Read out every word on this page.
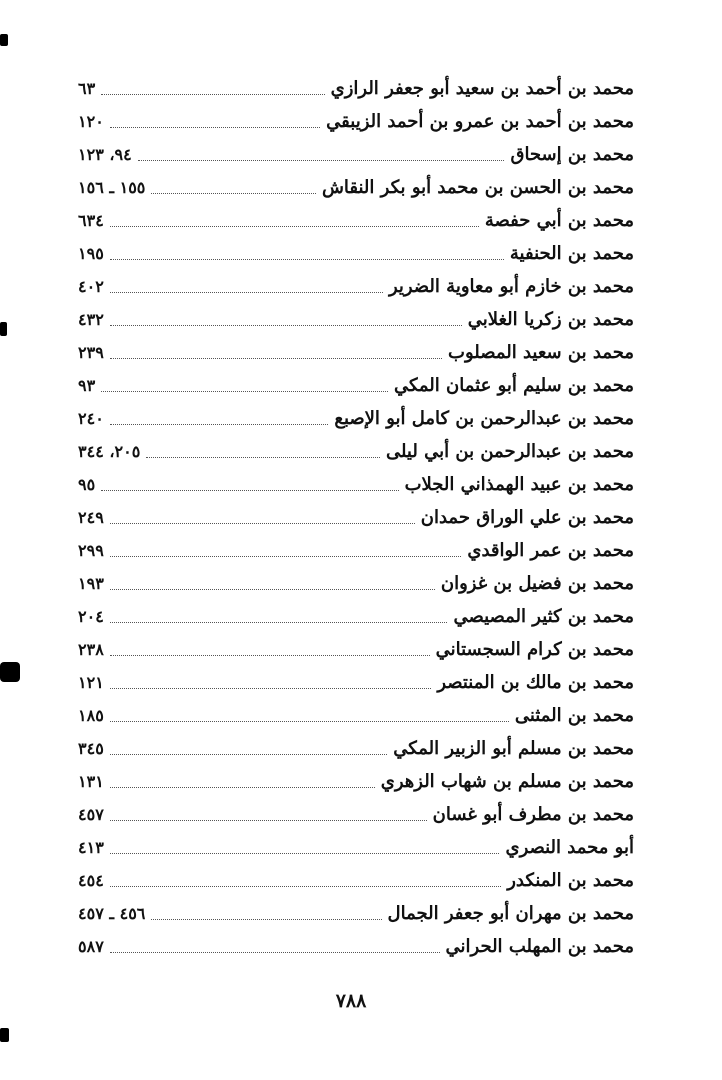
محمد بن أحمد بن سعيد أبو جعفر الرازي
٦٣
محمد بن أحمد بن عمرو بن أحمد الزيبقي
١٢٠
محمد بن إسحاق
٩٤، ١٢٣
محمد بن الحسن بن محمد أبو بكر النقاش
١٥٥ ـ ١٥٦
محمد بن أبي حفصة
٦٣٤
محمد بن الحنفية
١٩٥
محمد بن خازم أبو معاوية الضرير
٤٠٢
محمد بن زكريا الغلابي
٤٣٢
محمد بن سعيد المصلوب
٢٣٩
محمد بن سليم أبو عثمان المكي
٩٣
محمد بن عبدالرحمن بن كامل أبو الإصبع
٢٤٠
محمد بن عبدالرحمن بن أبي ليلى
٢٠٥، ٣٤٤
محمد بن عبيد الهمذاني الجلاب
٩٥
محمد بن علي الوراق حمدان
٢٤٩
محمد بن عمر الواقدي
٢٩٩
محمد بن فضيل بن غزوان
١٩٣
محمد بن كثير المصيصي
٢٠٤
محمد بن كرام السجستاني
٢٣٨
محمد بن مالك بن المنتصر
١٢١
محمد بن المثنى
١٨٥
محمد بن مسلم أبو الزبير المكي
٣٤٥
محمد بن مسلم بن شهاب الزهري
١٣١
محمد بن مطرف أبو غسان
٤٥٧
أبو محمد النصري
٤١٣
محمد بن المنكدر
٤٥٤
محمد بن مهران أبو جعفر الجمال
٤٥٦ ـ ٤٥٧
محمد بن المهلب الحراني
٥٨٧
٧٨٨
